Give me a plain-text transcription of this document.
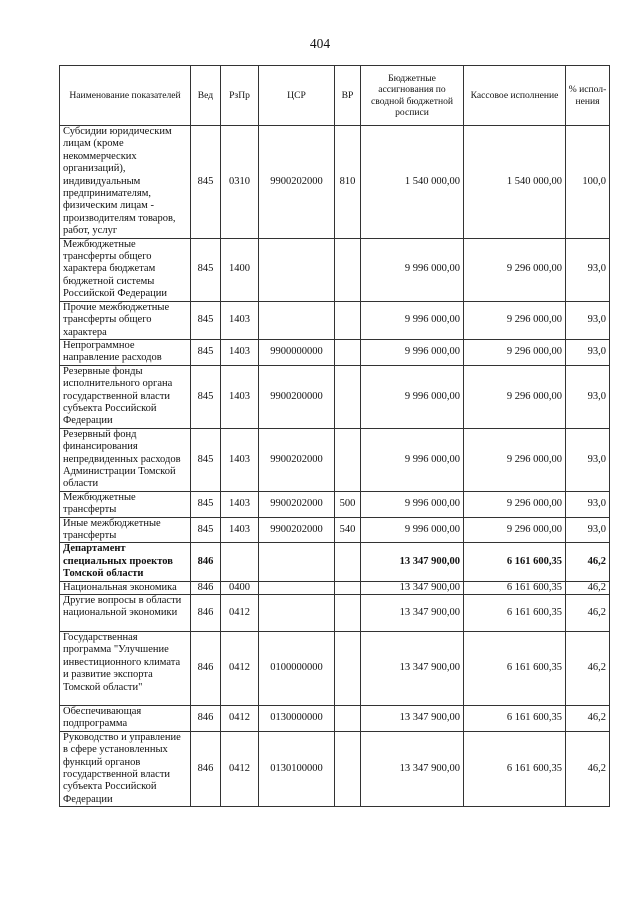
404
Наименование показателей	Вед	РзПр	ЦСР	ВР	Бюджетные ассигнования по сводной бюджетной росписи	Кассовое исполнение	% испол-нения
Субсидии юридическим лицам (кроме некоммерческих организаций), индивидуальным предпринимателям, физическим лицам - производителям товаров, работ, услуг	845	0310	9900202000	810	1 540 000,00	1 540 000,00	100,0
Межбюджетные трансферты общего характера бюджетам бюджетной системы Российской Федерации	845	1400			9 996 000,00	9 296 000,00	93,0
Прочие межбюджетные трансферты общего характера	845	1403			9 996 000,00	9 296 000,00	93,0
Непрограммное направление расходов	845	1403	9900000000		9 996 000,00	9 296 000,00	93,0
Резервные фонды исполнительного органа государственной власти субъекта Российской Федерации	845	1403	9900200000		9 996 000,00	9 296 000,00	93,0
Резервный фонд финансирования непредвиденных расходов Администрации Томской области	845	1403	9900202000		9 996 000,00	9 296 000,00	93,0
Межбюджетные трансферты	845	1403	9900202000	500	9 996 000,00	9 296 000,00	93,0
Иные межбюджетные трансферты	845	1403	9900202000	540	9 996 000,00	9 296 000,00	93,0
Департамент специальных проектов Томской области	846				13 347 900,00	6 161 600,35	46,2
Национальная экономика	846	0400			13 347 900,00	6 161 600,35	46,2
Другие вопросы в области национальной экономики	846	0412			13 347 900,00	6 161 600,35	46,2
Государственная программа "Улучшение инвестиционного климата и развитие экспорта Томской области"	846	0412	0100000000		13 347 900,00	6 161 600,35	46,2
Обеспечивающая подпрограмма	846	0412	0130000000		13 347 900,00	6 161 600,35	46,2
Руководство и управление в сфере установленных функций органов государственной власти субъекта Российской Федерации	846	0412	0130100000		13 347 900,00	6 161 600,35	46,2
